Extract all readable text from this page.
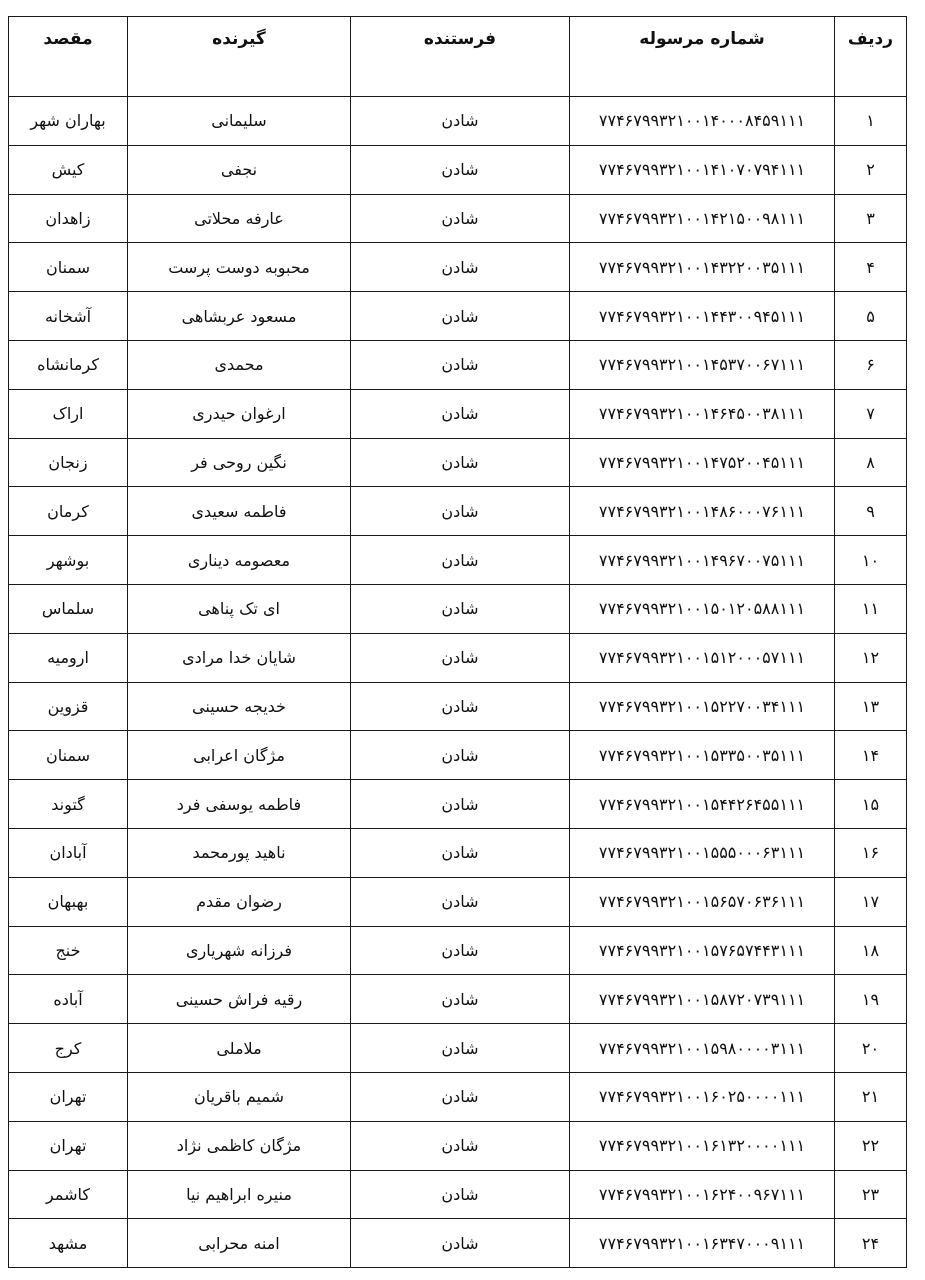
ردیف	شماره مرسوله	فرستنده	گیرنده	مقصد
۱	۷۷۴۶۷۹۹۳۲۱۰۰۱۴۰۰۰۸۴۵۹۱۱۱	شادن	سلیمانی	بهاران شهر
۲	۷۷۴۶۷۹۹۳۲۱۰۰۱۴۱۰۷۰۷۹۴۱۱۱	شادن	نجفی	کیش
۳	۷۷۴۶۷۹۹۳۲۱۰۰۱۴۲۱۵۰۰۹۸۱۱۱	شادن	عارفه محلاتی	زاهدان
۴	۷۷۴۶۷۹۹۳۲۱۰۰۱۴۳۲۲۰۰۳۵۱۱۱	شادن	محبوبه دوست پرست	سمنان
۵	۷۷۴۶۷۹۹۳۲۱۰۰۱۴۴۳۰۰۹۴۵۱۱۱	شادن	مسعود عربشاهی	آشخانه
۶	۷۷۴۶۷۹۹۳۲۱۰۰۱۴۵۳۷۰۰۶۷۱۱۱	شادن	محمدی	کرمانشاه
۷	۷۷۴۶۷۹۹۳۲۱۰۰۱۴۶۴۵۰۰۳۸۱۱۱	شادن	ارغوان حیدری	اراک
۸	۷۷۴۶۷۹۹۳۲۱۰۰۱۴۷۵۲۰۰۴۵۱۱۱	شادن	نگین روحی فر	زنجان
۹	۷۷۴۶۷۹۹۳۲۱۰۰۱۴۸۶۰۰۰۷۶۱۱۱	شادن	فاطمه سعیدی	کرمان
۱۰	۷۷۴۶۷۹۹۳۲۱۰۰۱۴۹۶۷۰۰۷۵۱۱۱	شادن	معصومه دیناری	بوشهر
۱۱	۷۷۴۶۷۹۹۳۲۱۰۰۱۵۰۱۲۰۵۸۸۱۱۱	شادن	ای تک پناهی	سلماس
۱۲	۷۷۴۶۷۹۹۳۲۱۰۰۱۵۱۲۰۰۰۵۷۱۱۱	شادن	شایان خدا مرادی	ارومیه
۱۳	۷۷۴۶۷۹۹۳۲۱۰۰۱۵۲۲۷۰۰۳۴۱۱۱	شادن	خدیجه حسینی	قزوین
۱۴	۷۷۴۶۷۹۹۳۲۱۰۰۱۵۳۳۵۰۰۳۵۱۱۱	شادن	مژگان اعرابی	سمنان
۱۵	۷۷۴۶۷۹۹۳۲۱۰۰۱۵۴۴۲۶۴۵۵۱۱۱	شادن	فاطمه یوسفی فرد	گتوند
۱۶	۷۷۴۶۷۹۹۳۲۱۰۰۱۵۵۵۰۰۰۶۳۱۱۱	شادن	ناهید پورمحمد	آبادان
۱۷	۷۷۴۶۷۹۹۳۲۱۰۰۱۵۶۵۷۰۶۳۶۱۱۱	شادن	رضوان مقدم	بهبهان
۱۸	۷۷۴۶۷۹۹۳۲۱۰۰۱۵۷۶۵۷۴۴۳۱۱۱	شادن	فرزانه شهریاری	خنج
۱۹	۷۷۴۶۷۹۹۳۲۱۰۰۱۵۸۷۲۰۷۳۹۱۱۱	شادن	رقیه فراش حسینی	آباده
۲۰	۷۷۴۶۷۹۹۳۲۱۰۰۱۵۹۸۰۰۰۰۳۱۱۱	شادن	ملاملی	کرج
۲۱	۷۷۴۶۷۹۹۳۲۱۰۰۱۶۰۲۵۰۰۰۰۱۱۱	شادن	شمیم باقریان	تهران
۲۲	۷۷۴۶۷۹۹۳۲۱۰۰۱۶۱۳۲۰۰۰۰۱۱۱	شادن	مژگان کاظمی نژاد	تهران
۲۳	۷۷۴۶۷۹۹۳۲۱۰۰۱۶۲۴۰۰۹۶۷۱۱۱	شادن	منیره ابراهیم نیا	کاشمر
۲۴	۷۷۴۶۷۹۹۳۲۱۰۰۱۶۳۴۷۰۰۰۹۱۱۱	شادن	امنه محرابی	مشهد
